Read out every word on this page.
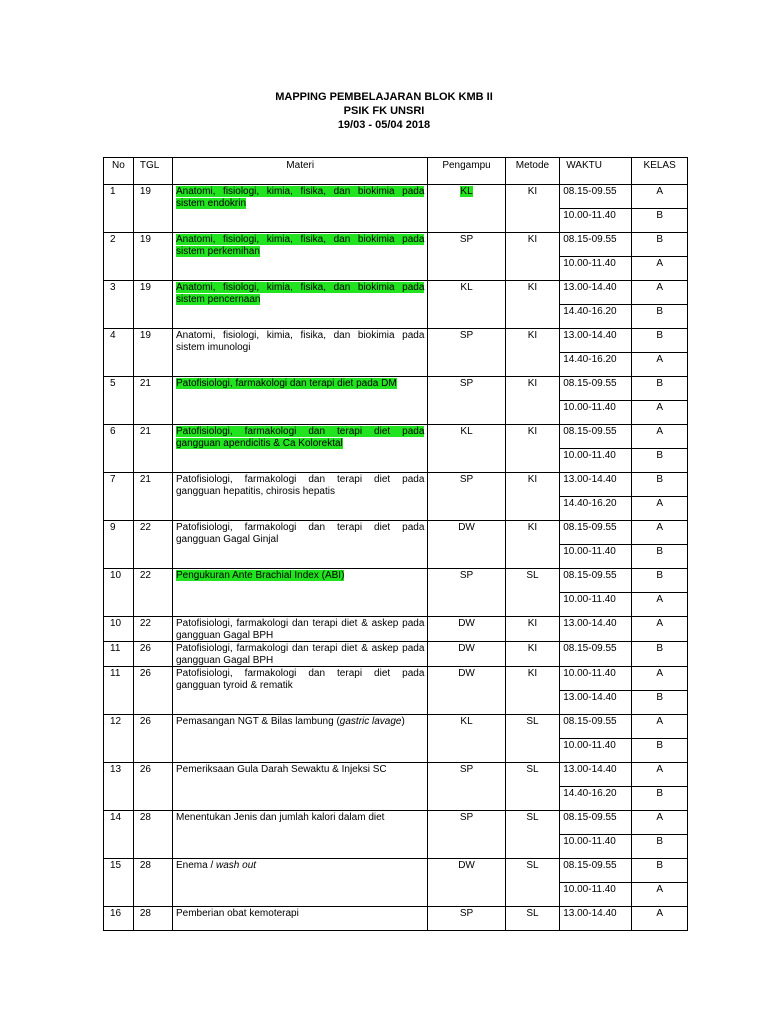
MAPPING PEMBELAJARAN BLOK KMB II
PSIK FK UNSRI
19/03 - 05/04 2018
No	TGL	Materi	Pengampu	Metode	WAKTU	KELAS
1	19	Anatomi, fisiologi, kimia, fisika, dan biokimia pada sistem endokrin	KL	KI	08.15-09.55	A
					10.00-11.40	B
2	19	Anatomi, fisiologi, kimia, fisika, dan biokimia pada sistem perkemihan	SP	KI	08.15-09.55	B
					10.00-11.40	A
3	19	Anatomi, fisiologi, kimia, fisika, dan biokimia pada sistem pencernaan	KL	KI	13.00-14.40	A
					14.40-16.20	B
4	19	Anatomi, fisiologi, kimia, fisika, dan biokimia pada sistem imunologi	SP	KI	13.00-14.40	B
					14.40-16.20	A
5	21	Patofisiologi, farmakologi dan terapi diet pada DM	SP	KI	08.15-09.55	B
					10.00-11.40	A
6	21	Patofisiologi, farmakologi dan terapi diet pada gangguan apendicitis & Ca Kolorektal	KL	KI	08.15-09.55	A
					10.00-11.40	B
7	21	Patofisiologi, farmakologi dan terapi diet pada gangguan hepatitis, chirosis hepatis	SP	KI	13.00-14.40	B
					14.40-16.20	A
9	22	Patofisiologi, farmakologi dan terapi diet pada gangguan Gagal Ginjal	DW	KI	08.15-09.55	A
					10.00-11.40	B
10	22	Pengukuran Ante Brachial Index (ABI)	SP	SL	08.15-09.55	B
					10.00-11.40	A
10	22	Patofisiologi, farmakologi dan terapi diet & askep pada gangguan Gagal BPH	DW	KI	13.00-14.40	A
11	26	Patofisiologi, farmakologi dan terapi diet & askep pada gangguan Gagal BPH	DW	KI	08.15-09.55	B
11	26	Patofisiologi, farmakologi dan terapi diet pada gangguan tyroid & rematik	DW	KI	10.00-11.40	A
					13.00-14.40	B
12	26	Pemasangan NGT & Bilas lambung (gastric lavage)	KL	SL	08.15-09.55	A
					10.00-11.40	B
13	26	Pemeriksaan Gula Darah Sewaktu & Injeksi SC	SP	SL	13.00-14.40	A
					14.40-16.20	B
14	28	Menentukan Jenis dan jumlah kalori dalam diet	SP	SL	08.15-09.55	A
					10.00-11.40	B
15	28	Enema / wash out	DW	SL	08.15-09.55	B
					10.00-11.40	A
16	28	Pemberian obat kemoterapi	SP	SL	13.00-14.40	A
